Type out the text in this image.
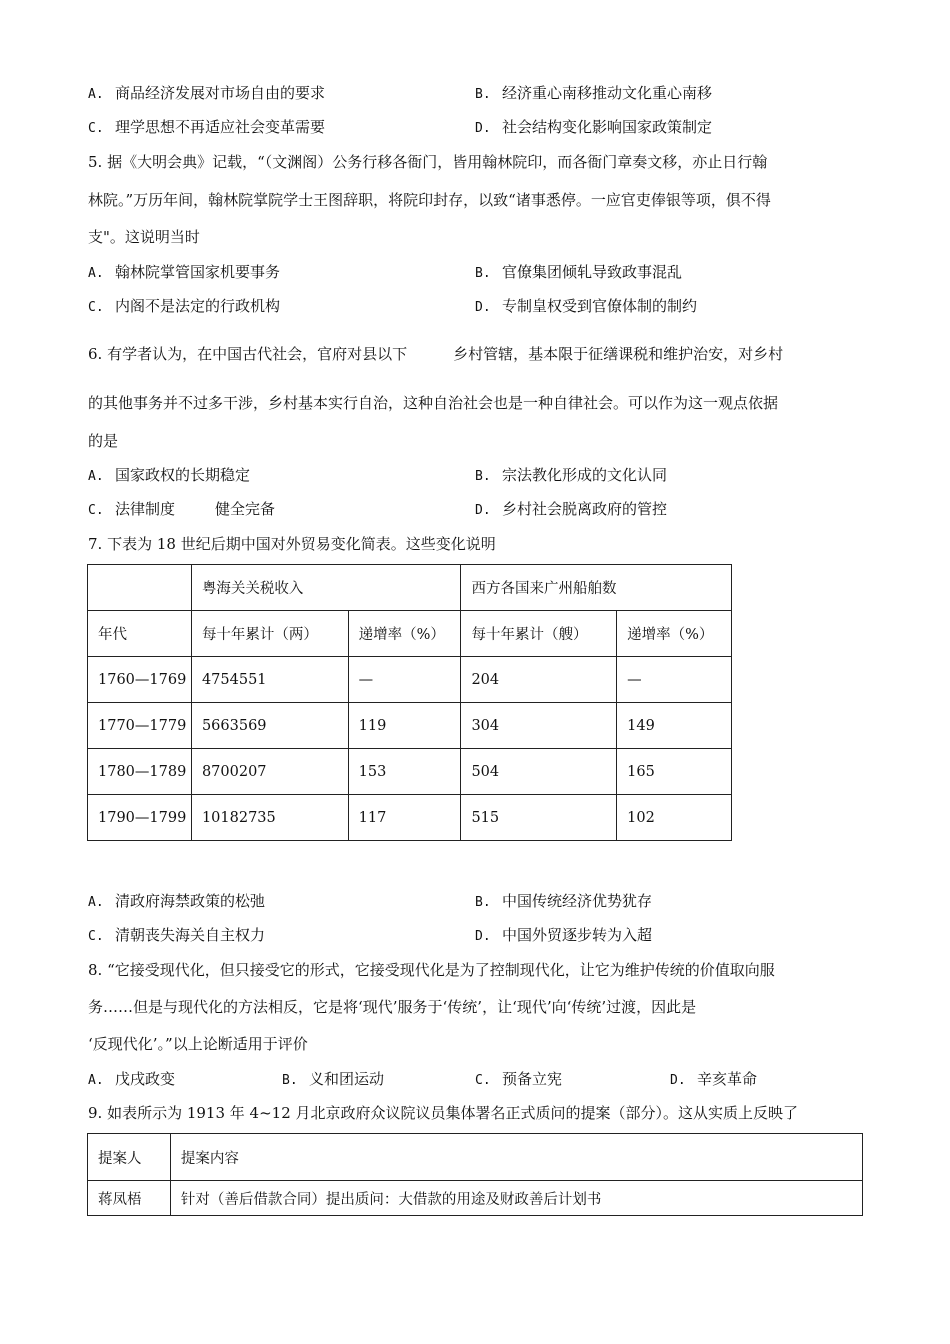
A. 商品经济发展对市场自由的要求	B. 经济重心南移推动文化重心南移
C. 理学思想不再适应社会变革需要	D. 社会结构变化影响国家政策制定
5. 据《大明会典》记载，“（文渊阁）公务行移各衙门，皆用翰林院印，而各衙门章奏文移，亦止日行翰
林院。”万历年间，翰林院掌院学士王图辞职，将院印封存，以致“诸事悉停。一应官吏俸银等项，俱不得
支"。这说明当时
A. 翰林院掌管国家机要事务	B. 官僚集团倾轧导致政事混乱
C. 内阁不是法定的行政机构	D. 专制皇权受到官僚体制的制约
6. 有学者认为，在中国古代社会，官府对县以下	乡村管辖，基本限于征缮课税和维护治安，对乡村
的其他事务并不过多干涉，乡村基本实行自治，这种自治社会也是一种自律社会。可以作为这一观点依据
的是
A. 国家政权的长期稳定	B. 宗法教化形成的文化认同
C. 法律制度	健全完备	D. 乡村社会脱离政府的管控
7. 下表为 18 世纪后期中国对外贸易变化简表。这些变化说明
	粤海关关税收入		西方各国来广州船舶数	
年代	每十年累计（两）	递增率（%）	每十年累计（艘）	递增率（%）
1760—1769	4754551	—	204	—
1770—1779	5663569	119	304	149
1780—1789	8700207	153	504	165
1790—1799	10182735	117	515	102
A. 清政府海禁政策的松弛	B. 中国传统经济优势犹存
C. 清朝丧失海关自主权力	D. 中国外贸逐步转为入超
8. “它接受现代化，但只接受它的形式，它接受现代化是为了控制现代化，让它为维护传统的价值取向服
务……但是与现代化的方法相反，它是将‘现代’服务于‘传统’，让‘现代’向‘传统’过渡，因此是
‘反现代化’。”以上论断适用于评价
A. 戊戌政变	B. 义和团运动	C. 预备立宪	D. 辛亥革命
9. 如表所示为 1913 年 4~12 月北京政府众议院议员集体署名正式质问的提案（部分）。这从实质上反映了
提案人	提案内容
蒋凤梧	针对（善后借款合同）提出质问：大借款的用途及财政善后计划书
